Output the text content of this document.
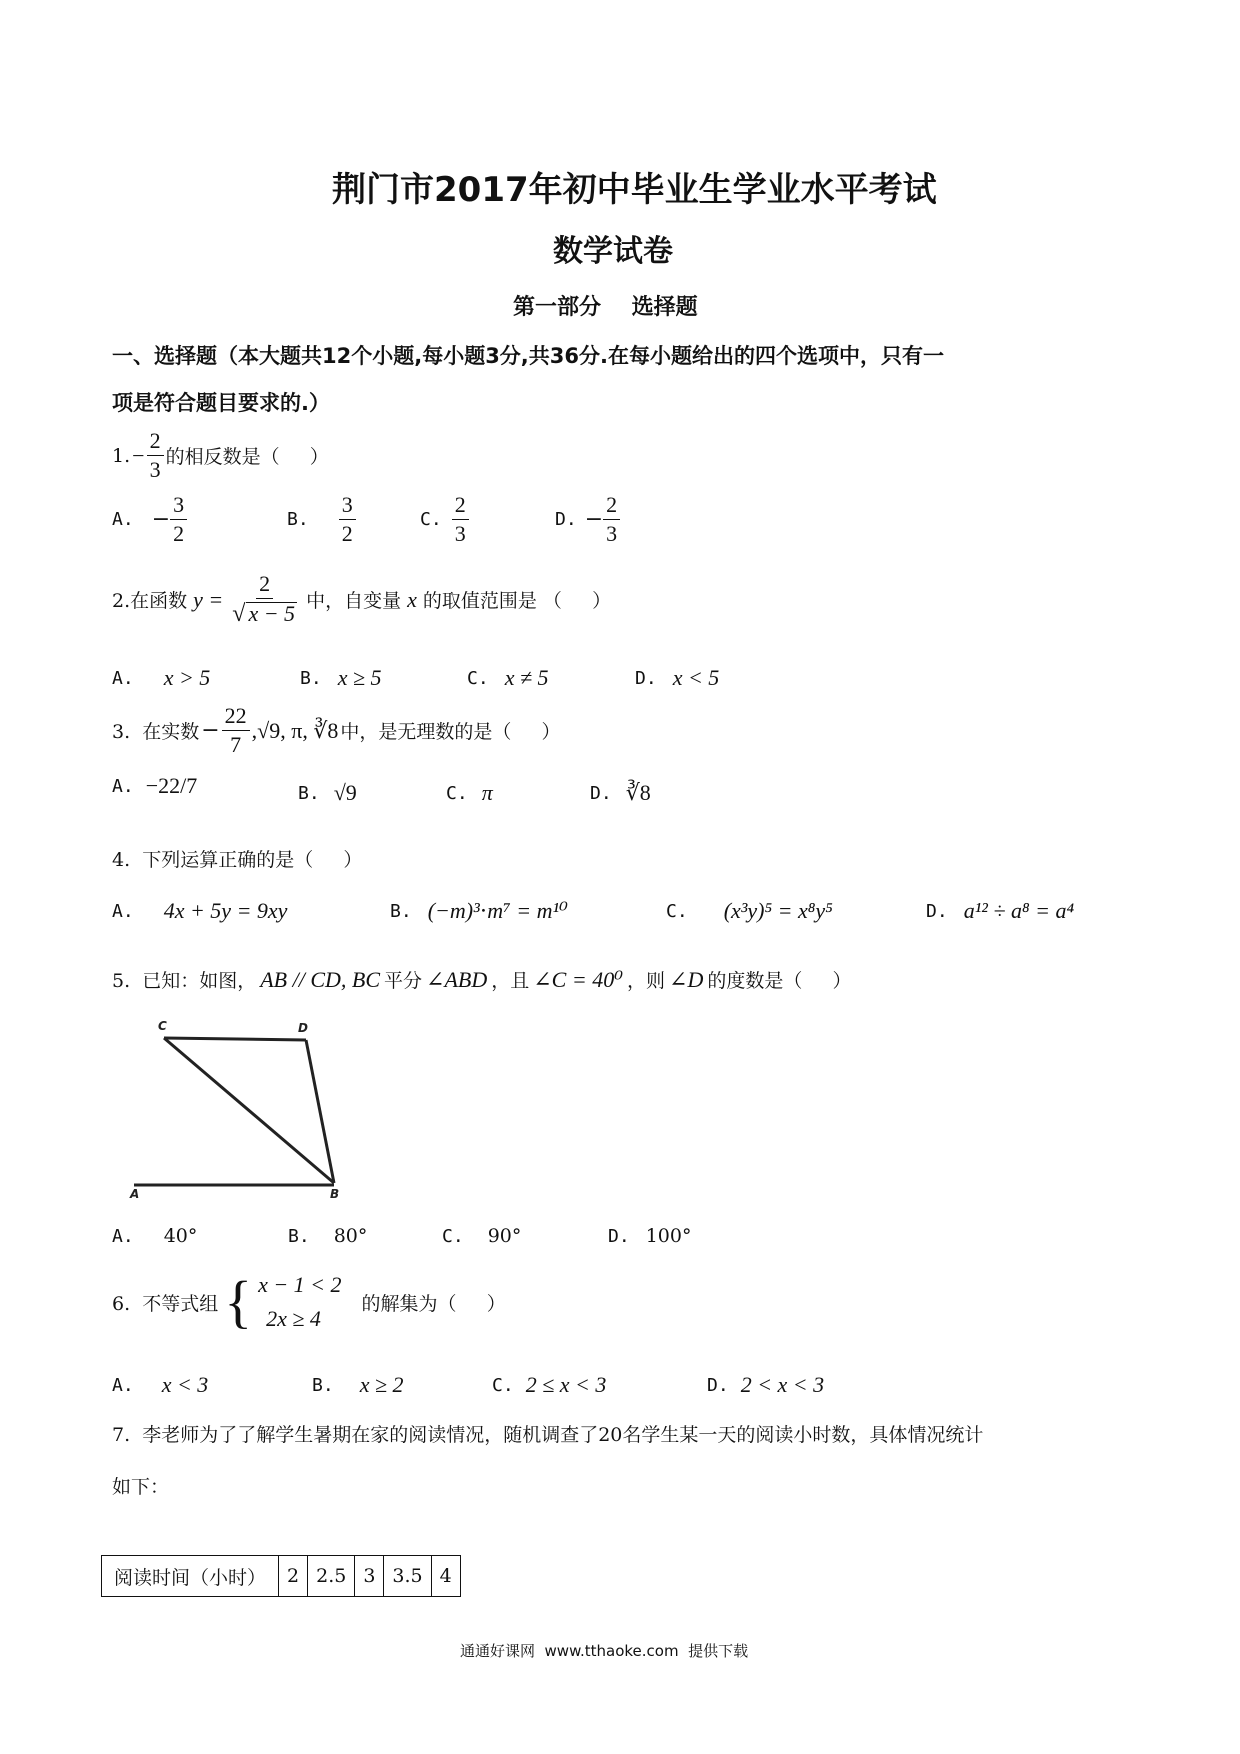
荆门市2017年初中毕业生学业水平考试
数学试卷
第一部分    选择题
一、选择题（本大题共12个小题,每小题3分,共36分.在每小题给出的四个选项中，只有一
项是符合题目要求的.）
1. − $\frac{2}{3}$ 的相反数是（     ）
A. − $\frac{3}{2}$	B. $\frac{3}{2}$	C. $\frac{2}{3}$	D. − $\frac{2}{3}$
2.在函数 $y = \frac{2}{√ x - 5}$ 中，自变量 x 的取值范围是 （     ）
A. x > 5	B. x ≥ 5	C. x ≠ 5	D. x < 5
3.  在实数 − $\frac{22}{7} ,√9$, π, ∛8 中，是无理数的是（     ）
A. −22/7	B. √9	C. π	D. ∛8
4.  下列运算正确的是（     ）
A. 4x + 5y = 9xy	B. (−m)³⋅m⁷ = m¹⁰	C. (x³y)⁵ = x⁸y⁵	D. a¹² ÷ a⁸ = a⁴
5.  已知：如图， AB // CD, BC 平分 ∠ABD ，且 ∠C = 40⁰ ，则 ∠D 的度数是（     ）
C	D
A	B
A. 40°	B. 80°	C. 90°	D. 100°
6.  不等式组 { x − 1 < 2
2x ≥ 4
的解集为（     ）
A. x < 3	B. x ≥ 2	C. 2 ≤ x < 3	D. 2 < x < 3
7.  李老师为了了解学生暑期在家的阅读情况，随机调查了20名学生某一天的阅读小时数，具体情况统计
如下：
阅读时间（小时）	2	2.5	3	3.5	4
通通好课网  www.tthaoke.com  提供下载
